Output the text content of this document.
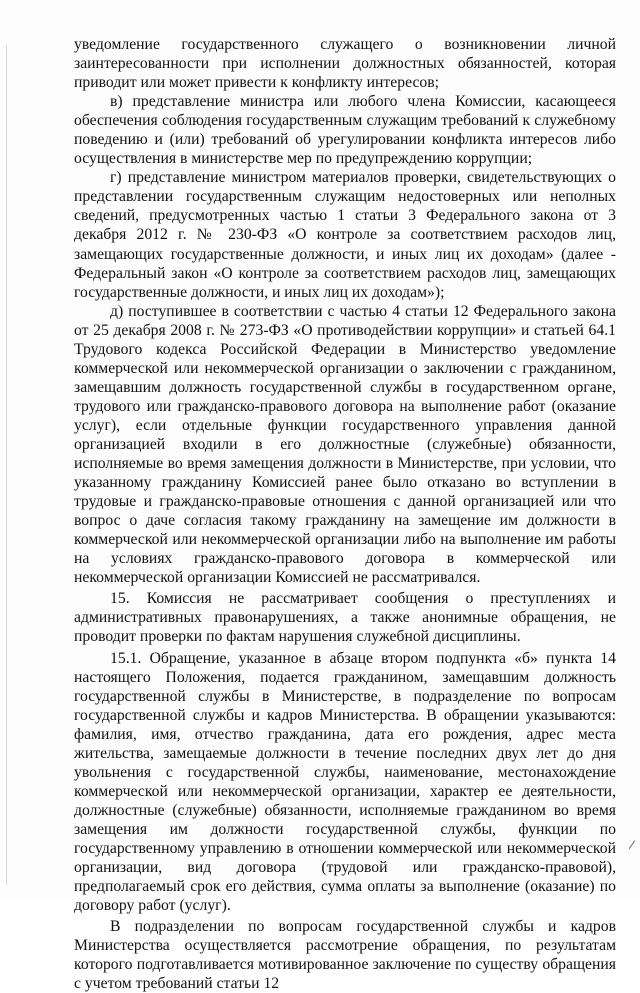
уведомление государственного служащего о возникновении личной заинтересованности при исполнении должностных обязанностей, которая приводит или может привести к конфликту интересов;

в) представление министра или любого члена Комиссии, касающееся обеспечения соблюдения государственным служащим требований к служебному поведению и (или) требований об урегулировании конфликта интересов либо осуществления в министерстве мер по предупреждению коррупции;

г) представление министром материалов проверки, свидетельствующих о представлении государственным служащим недостоверных или неполных сведений, предусмотренных частью 1 статьи 3 Федерального закона от 3 декабря 2012 г. № 230-ФЗ «О контроле за соответствием расходов лиц, замещающих государственные должности, и иных лиц их доходам» (далее - Федеральный закон «О контроле за соответствием расходов лиц, замещающих государственные должности, и иных лиц их доходам»);

д) поступившее в соответствии с частью 4 статьи 12 Федерального закона от 25 декабря 2008 г. № 273-ФЗ «О противодействии коррупции» и статьей 64.1 Трудового кодекса Российской Федерации в Министерство уведомление коммерческой или некоммерческой организации о заключении с гражданином, замещавшим должность государственной службы в государственном органе, трудового или гражданско-правового договора на выполнение работ (оказание услуг), если отдельные функции государственного управления данной организацией входили в его должностные (служебные) обязанности, исполняемые во время замещения должности в Министерстве, при условии, что указанному гражданину Комиссией ранее было отказано во вступлении в трудовые и гражданско-правовые отношения с данной организацией или что вопрос о даче согласия такому гражданину на замещение им должности в коммерческой или некоммерческой организации либо на выполнение им работы на условиях гражданско-правового договора в коммерческой или некоммерческой организации Комиссией не рассматривался.

15. Комиссия не рассматривает сообщения о преступлениях и административных правонарушениях, а также анонимные обращения, не проводит проверки по фактам нарушения служебной дисциплины.

15.1. Обращение, указанное в абзаце втором подпункта «б» пункта 14 настоящего Положения, подается гражданином, замещавшим должность государственной службы в Министерстве, в подразделение по вопросам государственной службы и кадров Министерства. В обращении указываются: фамилия, имя, отчество гражданина, дата его рождения, адрес места жительства, замещаемые должности в течение последних двух лет до дня увольнения с государственной службы, наименование, местонахождение коммерческой или некоммерческой организации, характер ее деятельности, должностные (служебные) обязанности, исполняемые гражданином во время замещения им должности государственной службы, функции по государственному управлению в отношении коммерческой или некоммерческой организации, вид договора (трудовой или гражданско-правовой), предполагаемый срок его действия, сумма оплаты за выполнение (оказание) по договору работ (услуг).

В подразделении по вопросам государственной службы и кадров Министерства осуществляется рассмотрение обращения, по результатам которого подготавливается мотивированное заключение по существу обращения с учетом требований статьи 12
